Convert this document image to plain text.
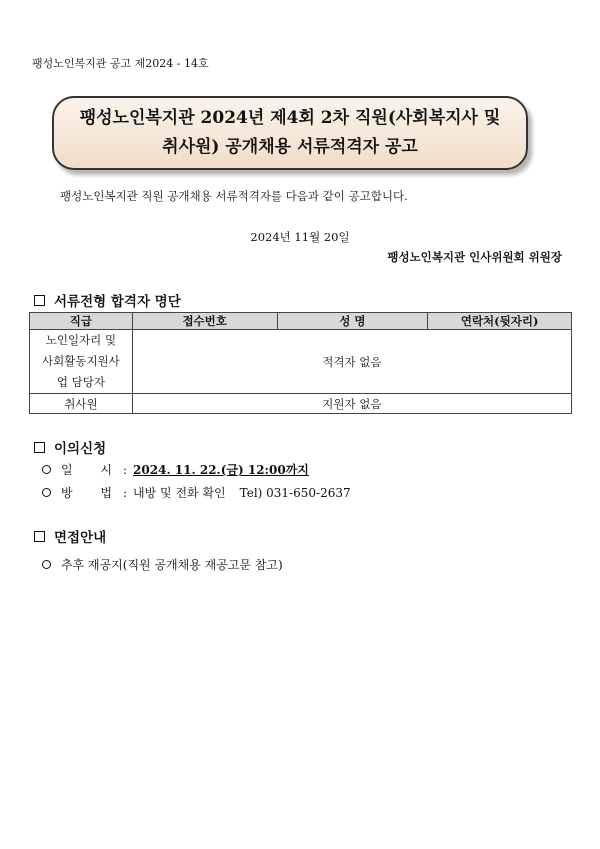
팽성노인복지관 공고 제2024 - 14호
팽성노인복지관 2024년 제4회 2차 직원(사회복지사 및
취사원) 공개채용 서류적격자 공고
팽성노인복지관 직원 공개채용 서류적격자를 다음과 같이 공고합니다.
2024년 11월 20일
팽성노인복지관 인사위원회 위원장
서류전형 합격자 명단
직급	접수번호	성 명	연락처(뒷자리)

노인일자리 및
사회활동지원사
업 담당자	적격자 없음		
취사원	지원자 없음		
이의신청
일 시 : 2024. 11. 22.(금) 12:00까지
방 법 : 내방 및 전화 확인 Tel) 031-650-2637
면접안내
추후 재공지(직원 공개채용 재공고문 참고)
